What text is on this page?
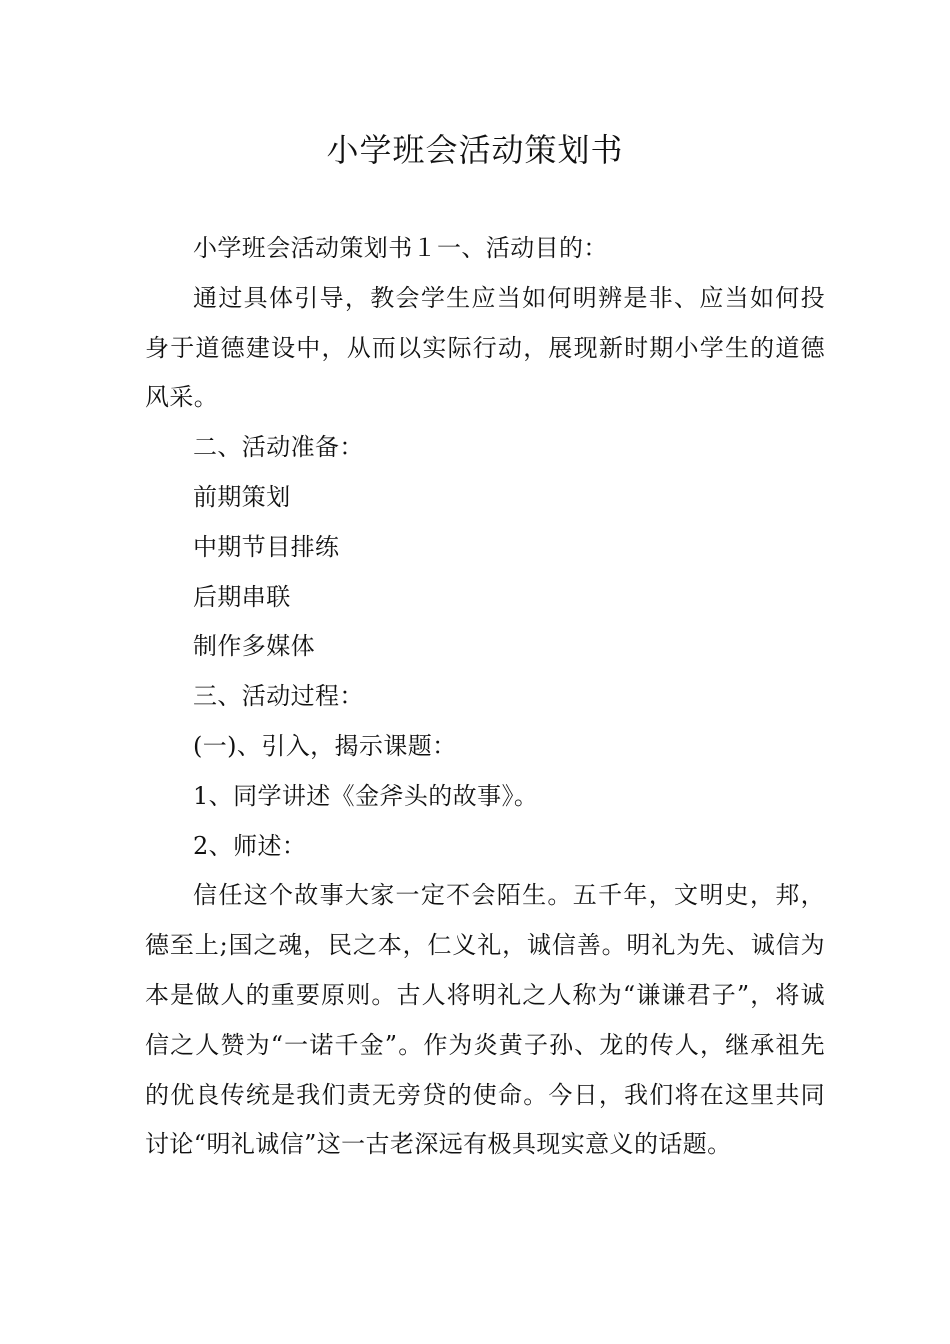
小学班会活动策划书

小学班会活动策划书１一、活动目的：

通过具体引导，教会学生应当如何明辨是非、应当如何投身于道德建设中，从而以实际行动，展现新时期小学生的道德风采。

二、活动准备：

前期策划

中期节目排练

后期串联

制作多媒体

三、活动过程：

(一)、引入，揭示课题：

1、同学讲述《金斧头的故事》。

2、师述：

信任这个故事大家一定不会陌生。五千年，文明史，邦，德至上;国之魂，民之本，仁义礼，诚信善。明礼为先、诚信为本是做人的重要原则。古人将明礼之人称为“谦谦君子”，将诚信之人赞为“一诺千金”。作为炎黄子孙、龙的传人，继承祖先的优良传统是我们责无旁贷的使命。今日，我们将在这里共同讨论“明礼诚信”这一古老深远有极具现实意义的话题。
